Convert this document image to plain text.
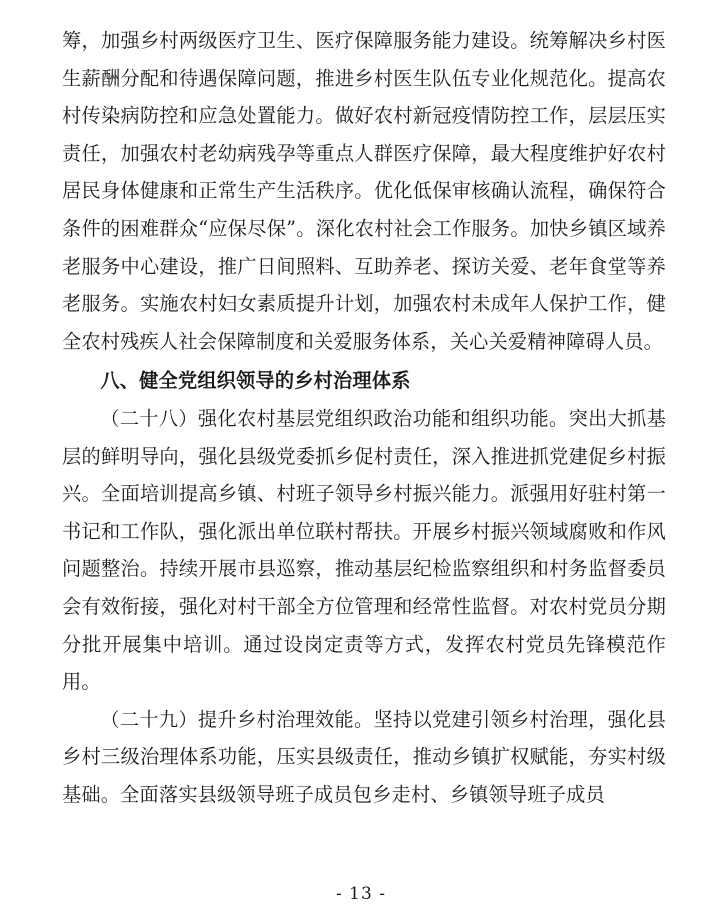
筹，加强乡村两级医疗卫生、医疗保障服务能力建设。统筹解决乡村医生薪酬分配和待遇保障问题，推进乡村医生队伍专业化规范化。提高农村传染病防控和应急处置能力。做好农村新冠疫情防控工作，层层压实责任，加强农村老幼病残孕等重点人群医疗保障，最大程度维护好农村居民身体健康和正常生产生活秩序。优化低保审核确认流程，确保符合条件的困难群众“应保尽保”。深化农村社会工作服务。加快乡镇区域养老服务中心建设，推广日间照料、互助养老、探访关爱、老年食堂等养老服务。实施农村妇女素质提升计划，加强农村未成年人保护工作，健全农村残疾人社会保障制度和关爱服务体系，关心关爱精神障碍人员。

八、健全党组织领导的乡村治理体系

（二十八）强化农村基层党组织政治功能和组织功能。突出大抓基层的鲜明导向，强化县级党委抓乡促村责任，深入推进抓党建促乡村振兴。全面培训提高乡镇、村班子领导乡村振兴能力。派强用好驻村第一书记和工作队，强化派出单位联村帮扶。开展乡村振兴领域腐败和作风问题整治。持续开展市县巡察，推动基层纪检监察组织和村务监督委员会有效衔接，强化对村干部全方位管理和经常性监督。对农村党员分期分批开展集中培训。通过设岗定责等方式，发挥农村党员先锋模范作用。

（二十九）提升乡村治理效能。坚持以党建引领乡村治理，强化县乡村三级治理体系功能，压实县级责任，推动乡镇扩权赋能，夯实村级基础。全面落实县级领导班子成员包乡走村、乡镇领导班子成员

- 13 -
